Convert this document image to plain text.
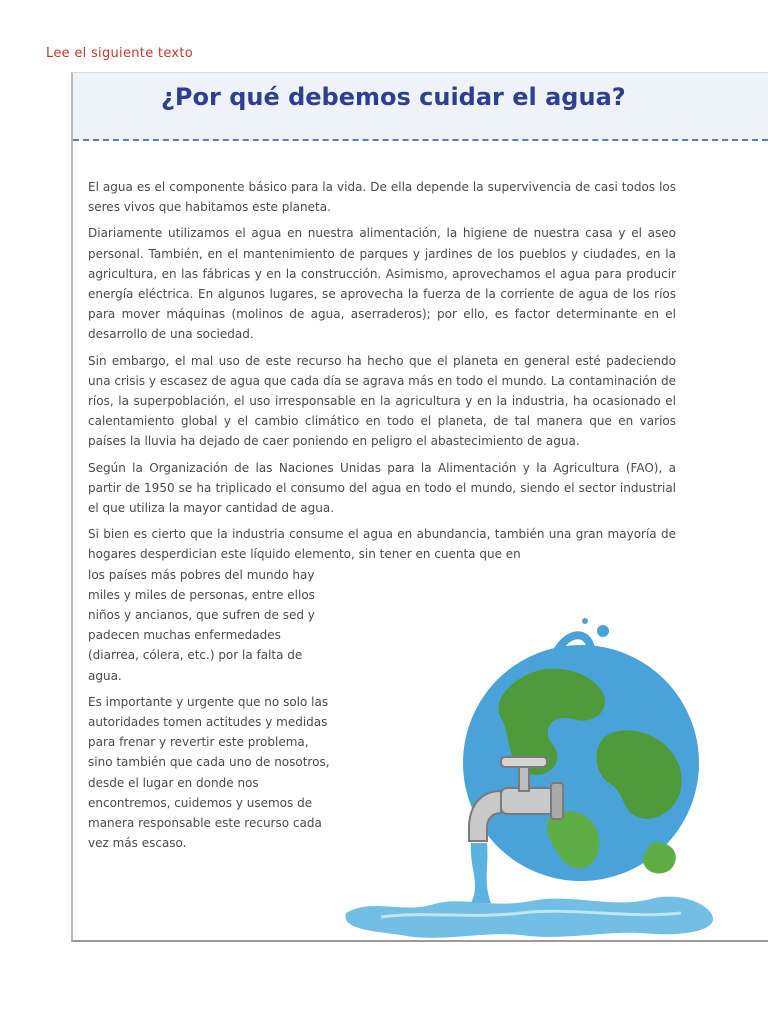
Lee el siguiente texto
¿Por qué debemos cuidar el agua?

El agua es el componente básico para la vida. De ella depende la supervivencia de casi todos los seres vivos que habitamos este planeta.

Diariamente utilizamos el agua en nuestra alimentación, la higiene de nuestra casa y el aseo personal. También, en el mantenimiento de parques y jardines de los pueblos y ciudades, en la agricultura, en las fábricas y en la construcción. Asimismo, aprovechamos el agua para producir energía eléctrica. En algunos lugares, se aprovecha la fuerza de la corriente de agua de los ríos para mover máquinas (molinos de agua, aserraderos); por ello, es factor determinante en el desarrollo de una sociedad.

Sin embargo, el mal uso de este recurso ha hecho que el planeta en general esté padeciendo una crisis y escasez de agua que cada día se agrava más en todo el mundo. La contaminación de ríos, la superpoblación, el uso irresponsable en la agricultura y en la industria, ha ocasionado el calentamiento global y el cambio climático en todo el planeta, de tal manera que en varios países la lluvia ha dejado de caer poniendo en peligro el abastecimiento de agua.

Según la Organización de las Naciones Unidas para la Alimentación y la Agricultura (FAO), a partir de 1950 se ha triplicado el consumo del agua en todo el mundo, siendo el sector industrial el que utiliza la mayor cantidad de agua.

Si bien es cierto que la industria consume el agua en abundancia, también una gran mayoría de hogares desperdician este líquido elemento, sin tener en cuenta que en

los países más pobres del mundo hay miles y miles de personas, entre ellos niños y ancianos, que sufren de sed y padecen muchas enfermedades (diarrea, cólera, etc.) por la falta de agua.

Es importante y urgente que no solo las autoridades tomen actitudes y medidas para frenar y revertir este problema, sino también que cada uno de nosotros, desde el lugar en donde nos encontremos, cuidemos y usemos de manera responsable este recurso cada vez más escaso.
